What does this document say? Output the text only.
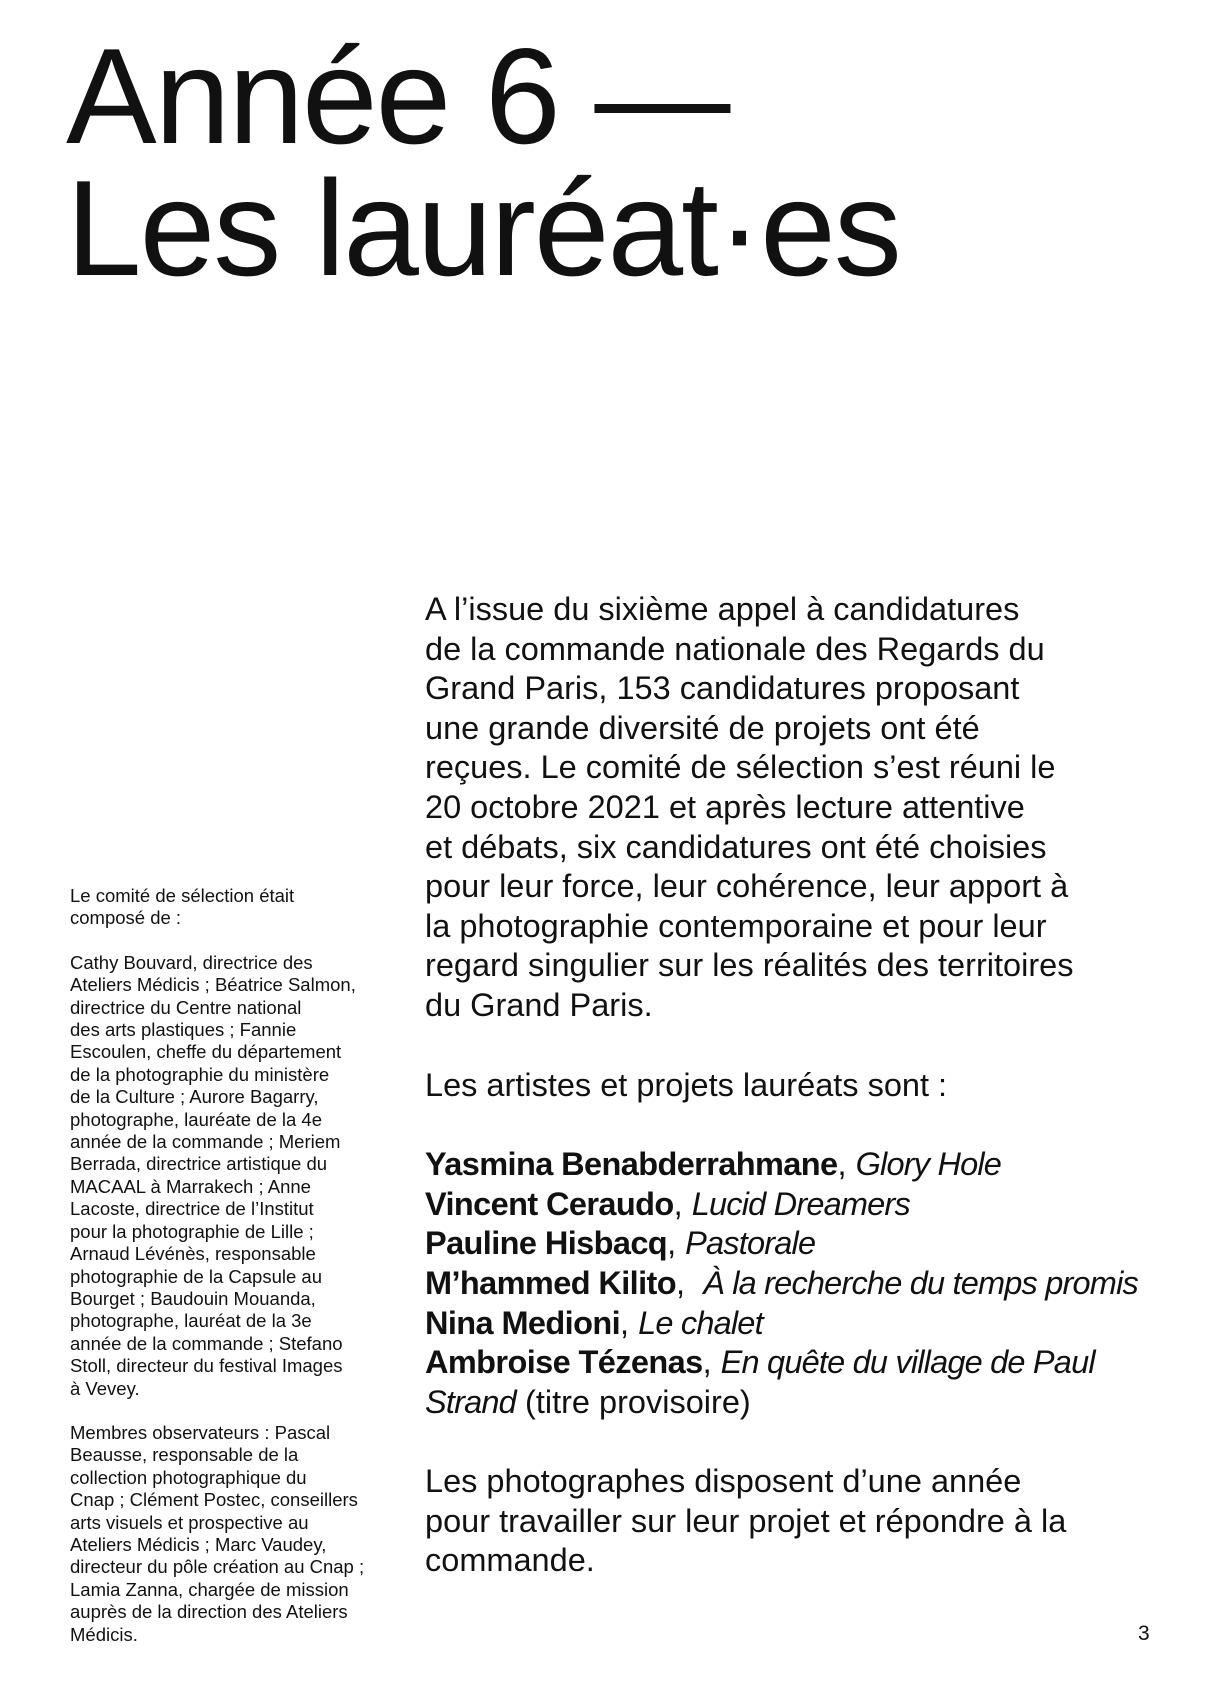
Année 6 —
Les lauréat·es

Le comité de sélection était
composé de :

Cathy Bouvard, directrice des
Ateliers Médicis ; Béatrice Salmon,
directrice du Centre national
des arts plastiques ; Fannie
Escoulen, cheffe du département
de la photographie du ministère
de la Culture ; Aurore Bagarry,
photographe, lauréate de la 4e
année de la commande ; Meriem
Berrada, directrice artistique du
MACAAL à Marrakech ; Anne
Lacoste, directrice de l’Institut
pour la photographie de Lille ;
Arnaud Lévénès, responsable
photographie de la Capsule au
Bourget ; Baudouin Mouanda,
photographe, lauréat de la 3e
année de la commande ; Stefano
Stoll, directeur du festival Images
à Vevey.

Membres observateurs : Pascal
Beausse, responsable de la
collection photographique du
Cnap ; Clément Postec, conseillers
arts visuels et prospective au
Ateliers Médicis ; Marc Vaudey,
directeur du pôle création au Cnap ;
Lamia Zanna, chargée de mission
auprès de la direction des Ateliers
Médicis.

A l’issue du sixième appel à candidatures
de la commande nationale des Regards du
Grand Paris, 153 candidatures proposant
une grande diversité de projets ont été
reçues. Le comité de sélection s’est réuni le
20 octobre 2021 et après lecture attentive
et débats, six candidatures ont été choisies
pour leur force, leur cohérence, leur apport à
la photographie contemporaine et pour leur
regard singulier sur les réalités des territoires
du Grand Paris.

Les artistes et projets lauréats sont :

Yasmina Benabderrahmane, Glory Hole
Vincent Ceraudo, Lucid Dreamers
Pauline Hisbacq, Pastorale
M’hammed Kilito,  À la recherche du temps promis
Nina Medioni, Le chalet
Ambroise Tézenas, En quête du village de Paul
Strand (titre provisoire)

Les photographes disposent d’une année
pour travailler sur leur projet et répondre à la
commande.

3
